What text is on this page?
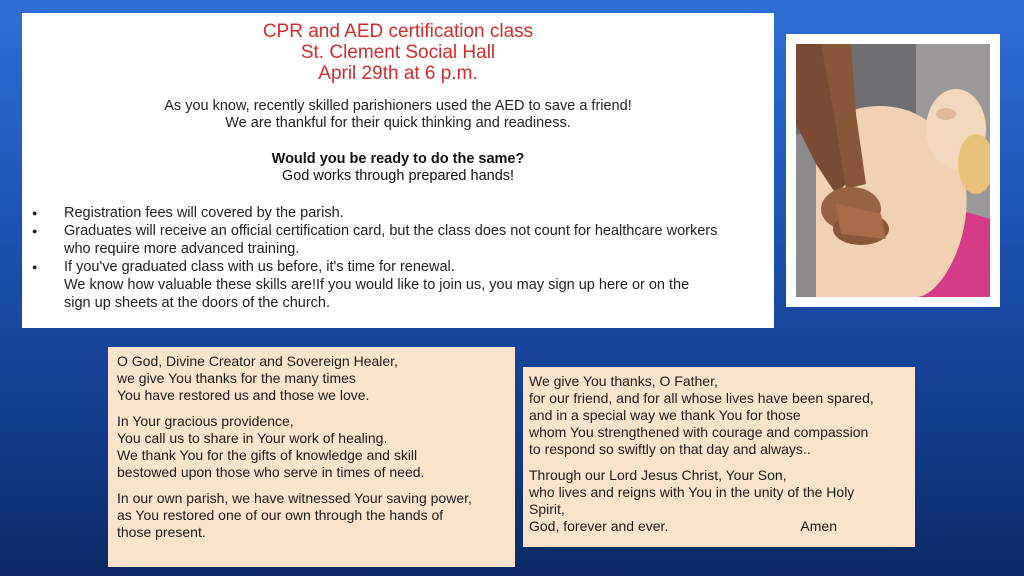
CPR and AED certification class
St. Clement Social Hall
April 29th at 6 p.m.
As you know, recently skilled parishioners used the AED to save a friend!
We are thankful for their quick thinking and readiness.
Would you be ready to do the same?
God works through prepared hands!
● Registration fees will covered by the parish.
● Graduates will receive an official certification card, but the class does not count for healthcare workers
who require more advanced training.
● If you've graduated class with us before, it's time for renewal.
We know how valuable these skills are!If you would like to join us, you may sign up here or on the
sign up sheets at the doors of the church.
O God, Divine Creator and Sovereign Healer,
we give You thanks for the many times
You have restored us and those we love.
In Your gracious providence,
You call us to share in Your work of healing.
We thank You for the gifts of knowledge and skill
bestowed upon those who serve in times of need.
In our own parish, we have witnessed Your saving power,
as You restored one of our own through the hands of
those present.
We give You thanks, O Father,
for our friend, and for all whose lives have been spared,
and in a special way we thank You for those
whom You strengthened with courage and compassion
to respond so swiftly on that day and always..
Through our Lord Jesus Christ, Your Son,
who lives and reigns with You in the unity of the Holy
Spirit,
God, forever and ever.	Amen
